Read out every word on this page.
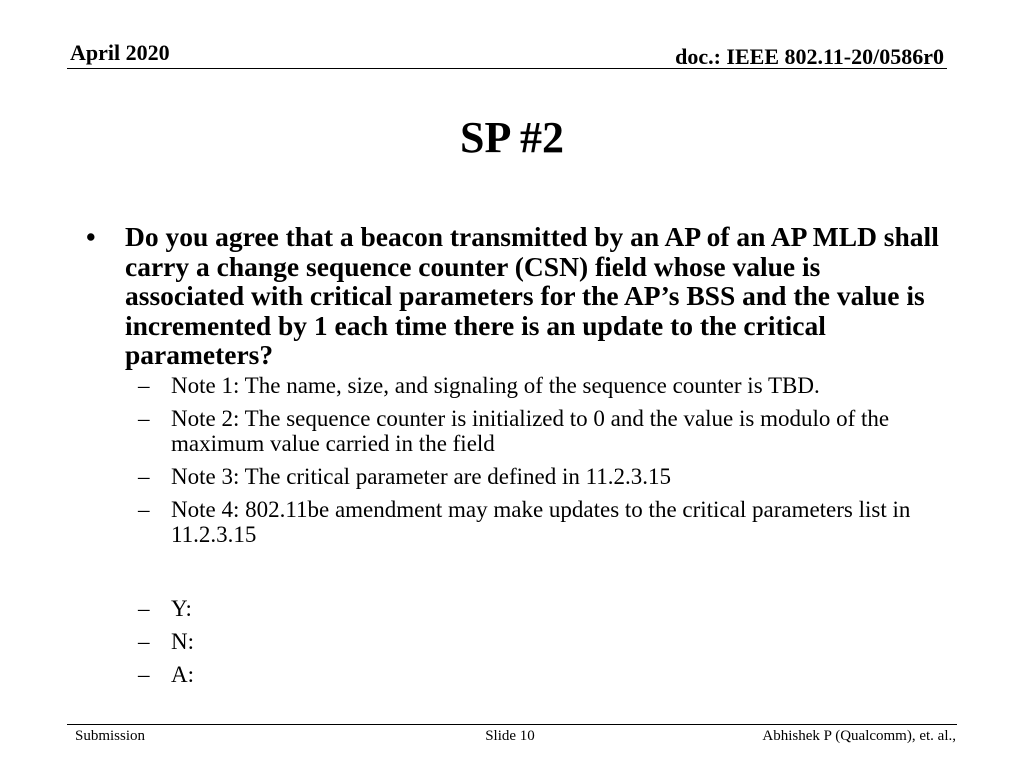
April 2020	doc.: IEEE 802.11-20/0586r0
SP #2
• Do you agree that a beacon transmitted by an AP of an AP MLD shall carry a change sequence counter (CSN) field whose value is associated with critical parameters for the AP’s BSS and the value is incremented by 1 each time there is an update to the critical parameters?
– Note 1: The name, size, and signaling of the sequence counter is TBD.
– Note 2: The sequence counter is initialized to 0 and the value is modulo of the maximum value carried in the field
– Note 3: The critical parameter are defined in 11.2.3.15
– Note 4: 802.11be amendment may make updates to the critical parameters list in 11.2.3.15
– Y:
– N:
– A:
Submission	Slide 10	Abhishek P (Qualcomm), et. al.,
